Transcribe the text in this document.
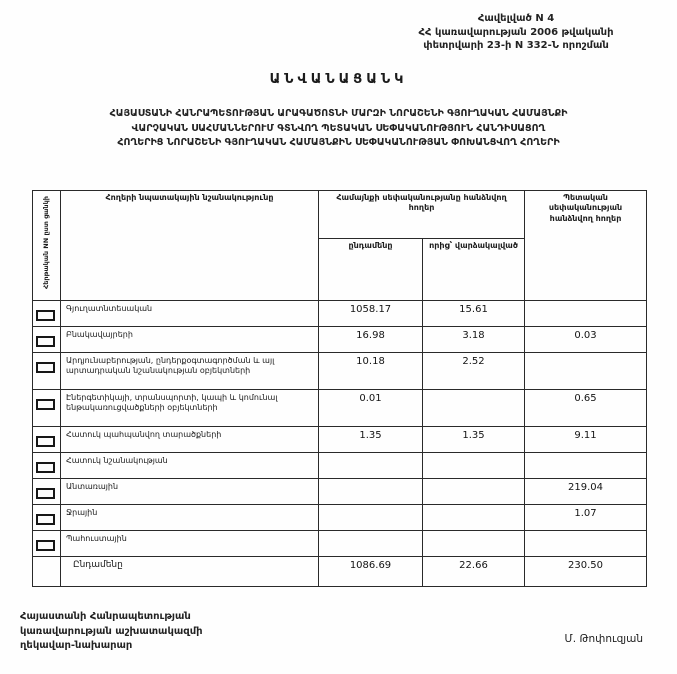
Հավելված N 4
ՀՀ կառավարության 2006 թվականի
փետրվարի 23-ի N 332-Ն որոշման
ԱՆՎԱՆԱՑԱՆԿ
ՀԱՅԱՍՏԱՆԻ ՀԱՆՐԱՊԵՏՈՒԹՅԱՆ ԱՐԱԳԱԾՈՏՆԻ ՄԱՐԶԻ ՆՈՐԱՇԵՆԻ ԳՅՈՒՂԱԿԱՆ ՀԱՄԱՅՆՔԻ
ՎԱՐՉԱԿԱՆ ՍԱՀՄԱՆՆԵՐՈՒՄ ԳՏՆՎՈՂ ՊԵՏԱԿԱՆ ՍԵՓԱԿԱՆՈՒԹՅՈՒՆ ՀԱՆԴԻՍԱՑՈՂ
ՀՈՂԵՐԻՑ ՆՈՐԱՇԵՆԻ ԳՅՈՒՂԱԿԱՆ ՀԱՄԱՅՆՔԻՆ ՍԵՓԱԿԱՆՈՒԹՅԱՆ ՓՈԽԱՆՑՎՈՂ ՀՈՂԵՐԻ
Հերթական NN ըստ ցանկի	Հողերի նպատակային նշանակությունը	Համայնքի սեփականությանը հանձնվող հողեր		Պետական սեփականության հանձնվող հողեր
		ընդամենը	որից՝ վարձակալված	
	Գյուղատնտեսական	1058.17	15.61	
	Բնակավայրերի	16.98	3.18	0.03
	Արդյունաբերության, ընդերքօգտագործման և այլ արտադրական նշանակության օբյեկտների	10.18	2.52	
	Էներգետիկայի, տրանսպորտի, կապի և կոմունալ ենթակառուցվածքների օբյեկտների	0.01		0.65
	Հատուկ պահպանվող տարածքների	1.35	1.35	9.11
	Հատուկ նշանակության			
	Անտառային			219.04
	Ջրային			1.07
	Պահուստային			
	Ընդամենը	1086.69	22.66	230.50
Հայաստանի Հանրապետության
կառավարության աշխատակազմի
ղեկավար-նախարար
Մ. Թոփուզյան
